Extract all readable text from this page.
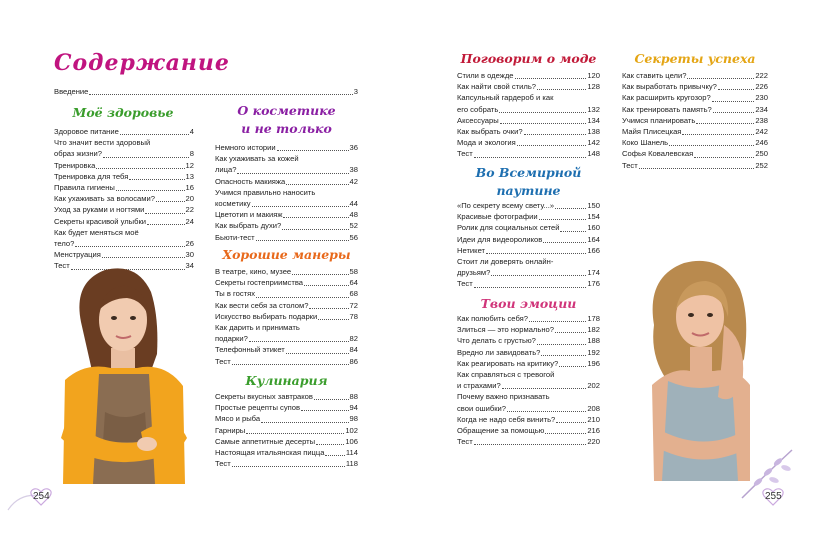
Содержание
Введение	3
Моё здоровье	О косметике
и не только
Хорошие манеры
Кулинария
Поговорим о моде
Во Всемирной
паутине
Твои эмоции
Секреты успеха
Здоровое питание	4
Что значит вести здоровый
образ жизни?	8
Тренировка	12
Тренировка для тебя	13
Правила гигиены	16
Как ухаживать за волосами?	20
Уход за руками и ногтями	22
Секреты красивой улыбки	24
Как будет меняться моё
тело?	26
Менструация	30
Тест	34
Немного истории	36
Как ухаживать за кожей
лица?	38
Опасность макияжа	42
Учимся правильно наносить
косметику	44
Цветотип и макияж	48
Как выбрать духи?	52
Бьюти-тест	56
В театре, кино, музее	58
Секреты гостеприимства	64
Ты в гостях	68
Как вести себя за столом?	72
Искусство выбирать подарки	78
Как дарить и принимать
подарки?	82
Телефонный этикет	84
Тест	86
Секреты вкусных завтраков	88
Простые рецепты супов	94
Мясо и рыба	98
Гарниры	102
Самые аппетитные десерты	106
Настоящая итальянская пицца	114
Тест	118
Стили в одежде	120
Как найти свой стиль?	128
Капсульный гардероб и как
его собрать	132
Аксессуары	134
Как выбрать очки?	138
Мода и экология	142
Тест	148
«По секрету всему свету...»	150
Красивые фотографии	154
Ролик для социальных сетей	160
Идеи для видеороликов	164
Нетикет	166
Стоит ли доверять онлайн-
друзьям?	174
Тест	176
Как полюбить себя?	178
Злиться — это нормально?	182
Что делать с грустью?	188
Вредно ли завидовать?	192
Как реагировать на критику?	196
Как справляться с тревогой
и страхами?	202
Почему важно признавать
свои ошибки?	208
Когда не надо себя винить?	210
Обращение за помощью	216
Тест	220
Как ставить цели?	222
Как выработать привычку?	226
Как расширить кругозор?	230
Как тренировать память?	234
Учимся планировать	238
Майя Плисецкая	242
Коко Шанель	246
Софья Ковалевская	250
Тест	252
254	255
